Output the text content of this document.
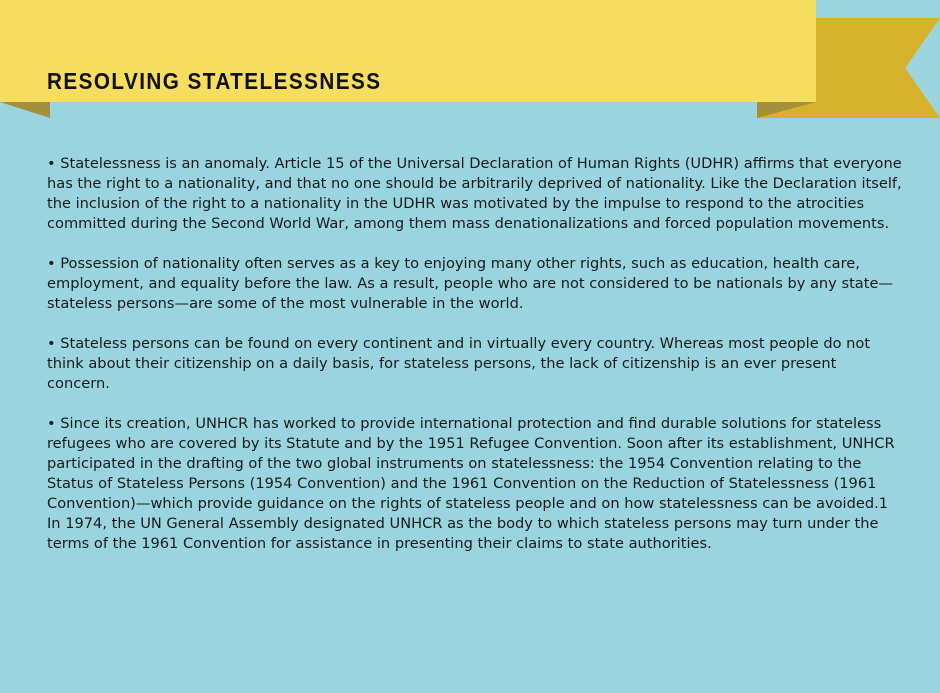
RESOLVING STATELESSNESS

• Statelessness is an anomaly. Article 15 of the Universal Declaration of Human Rights (UDHR) affirms that everyone has the right to a nationality, and that no one should be arbitrarily deprived of nationality. Like the Declaration itself, the inclusion of the right to a nationality in the UDHR was motivated by the impulse to respond to the atrocities committed during the Second World War, among them mass denationalizations and forced population movements.

• Possession of nationality often serves as a key to enjoying many other rights, such as education, health care, employment, and equality before the law. As a result, people who are not considered to be nationals by any state—stateless persons—are some of the most vulnerable in the world.

• Stateless persons can be found on every continent and in virtually every country. Whereas most people do not think about their citizenship on a daily basis, for stateless persons, the lack of citizenship is an ever present concern.

• Since its creation, UNHCR has worked to provide international protection and find durable solutions for stateless refugees who are covered by its Statute and by the 1951 Refugee Convention. Soon after its establishment, UNHCR participated in the drafting of the two global instruments on statelessness: the 1954 Convention relating to the Status of Stateless Persons (1954 Convention) and the 1961 Convention on the Reduction of Statelessness (1961 Convention)—which provide guidance on the rights of stateless people and on how statelessness can be avoided.1 In 1974, the UN General Assembly designated UNHCR as the body to which stateless persons may turn under the terms of the 1961 Convention for assistance in presenting their claims to state authorities.
